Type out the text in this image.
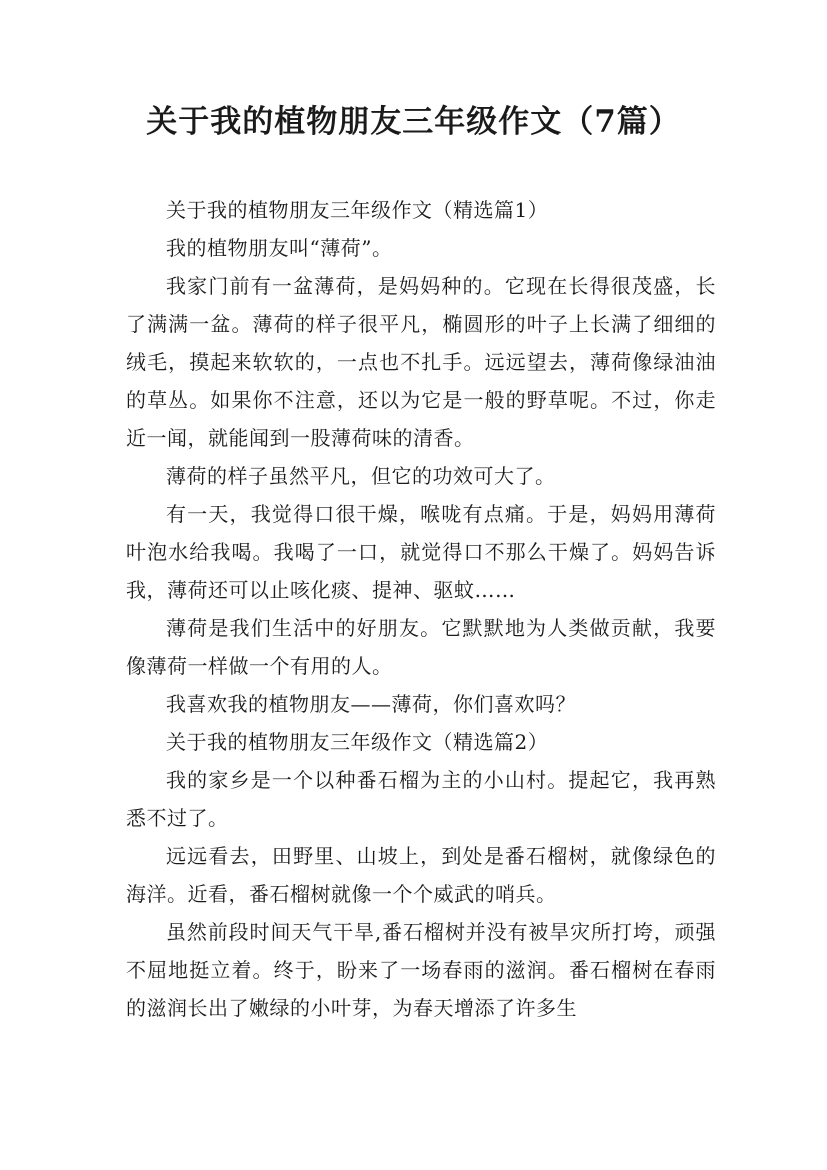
关于我的植物朋友三年级作文（7篇）

关于我的植物朋友三年级作文（精选篇1）

我的植物朋友叫“薄荷”。

我家门前有一盆薄荷，是妈妈种的。它现在长得很茂盛，长了满满一盆。薄荷的样子很平凡，椭圆形的叶子上长满了细细的绒毛，摸起来软软的，一点也不扎手。远远望去，薄荷像绿油油的草丛。如果你不注意，还以为它是一般的野草呢。不过，你走近一闻，就能闻到一股薄荷味的清香。

薄荷的样子虽然平凡，但它的功效可大了。

有一天，我觉得口很干燥，喉咙有点痛。于是，妈妈用薄荷叶泡水给我喝。我喝了一口，就觉得口不那么干燥了。妈妈告诉我，薄荷还可以止咳化痰、提神、驱蚊……

薄荷是我们生活中的好朋友。它默默地为人类做贡献，我要像薄荷一样做一个有用的人。

我喜欢我的植物朋友——薄荷，你们喜欢吗？

关于我的植物朋友三年级作文（精选篇2）

我的家乡是一个以种番石榴为主的小山村。提起它，我再熟悉不过了。

远远看去，田野里、山坡上，到处是番石榴树，就像绿色的海洋。近看，番石榴树就像一个个威武的哨兵。

虽然前段时间天气干旱,番石榴树并没有被旱灾所打垮，顽强不屈地挺立着。终于，盼来了一场春雨的滋润。番石榴树在春雨的滋润长出了嫩绿的小叶芽，为春天增添了许多生
